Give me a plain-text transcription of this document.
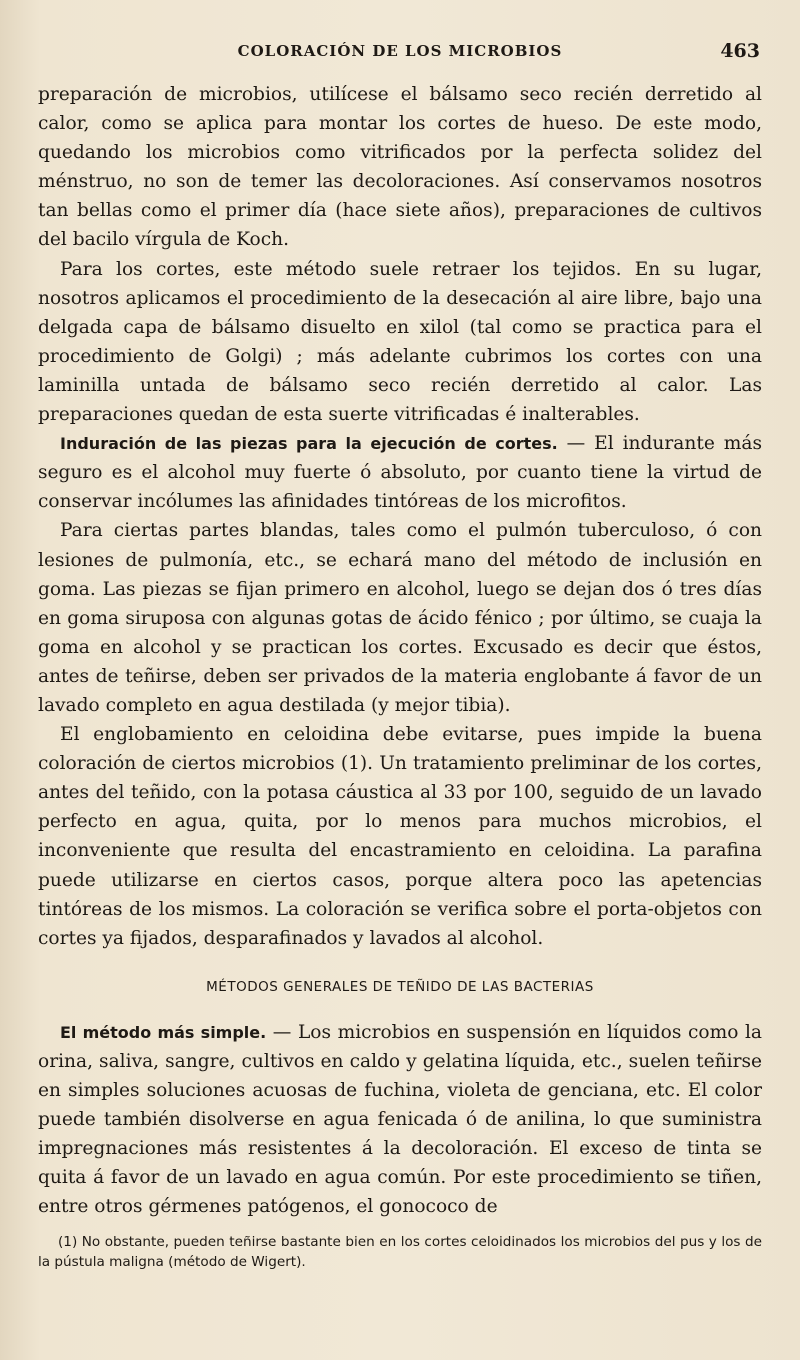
COLORACIÓN DE LOS MICROBIOS	463

preparación de microbios, utilícese el bálsamo seco recién derretido al calor, como se aplica para montar los cortes de hueso. De este modo, quedando los microbios como vitrificados por la perfecta solidez del ménstruo, no son de temer las decoloraciones. Así conservamos nosotros tan bellas como el primer día (hace siete años), preparaciones de cultivos del bacilo vírgula de Koch.

Para los cortes, este método suele retraer los tejidos. En su lugar, nosotros aplicamos el procedimiento de la desecación al aire libre, bajo una delgada capa de bálsamo disuelto en xilol (tal como se practica para el procedimiento de Golgi) ; más adelante cubrimos los cortes con una laminilla untada de bálsamo seco recién derretido al calor. Las preparaciones quedan de esta suerte vitrificadas é inalterables.

Induración de las piezas para la ejecución de cortes. — El indurante más seguro es el alcohol muy fuerte ó absoluto, por cuanto tiene la virtud de conservar incólumes las afinidades tintóreas de los microfitos.

Para ciertas partes blandas, tales como el pulmón tuberculoso, ó con lesiones de pulmonía, etc., se echará mano del método de inclusión en goma. Las piezas se fijan primero en alcohol, luego se dejan dos ó tres días en goma siruposa con algunas gotas de ácido fénico ; por último, se cuaja la goma en alcohol y se practican los cortes. Excusado es decir que éstos, antes de teñirse, deben ser privados de la materia englobante á favor de un lavado completo en agua destilada (y mejor tibia).

El englobamiento en celoidina debe evitarse, pues impide la buena coloración de ciertos microbios (1). Un tratamiento preliminar de los cortes, antes del teñido, con la potasa cáustica al 33 por 100, seguido de un lavado perfecto en agua, quita, por lo menos para muchos microbios, el inconveniente que resulta del encastramiento en celoidina. La parafina puede utilizarse en ciertos casos, porque altera poco las apetencias tintóreas de los mismos. La coloración se verifica sobre el porta-objetos con cortes ya fijados, desparafinados y lavados al alcohol.

MÉTODOS GENERALES DE TEÑIDO DE LAS BACTERIAS

El método más simple. — Los microbios en suspensión en líquidos como la orina, saliva, sangre, cultivos en caldo y gelatina líquida, etc., suelen teñirse en simples soluciones acuosas de fuchina, violeta de genciana, etc. El color puede también disolverse en agua fenicada ó de anilina, lo que suministra impregnaciones más resistentes á la decoloración. El exceso de tinta se quita á favor de un lavado en agua común. Por este procedimiento se tiñen, entre otros gérmenes patógenos, el gonococo de

(1) No obstante, pueden teñirse bastante bien en los cortes celoidinados los microbios del pus y los de la pústula maligna (método de Wigert).
